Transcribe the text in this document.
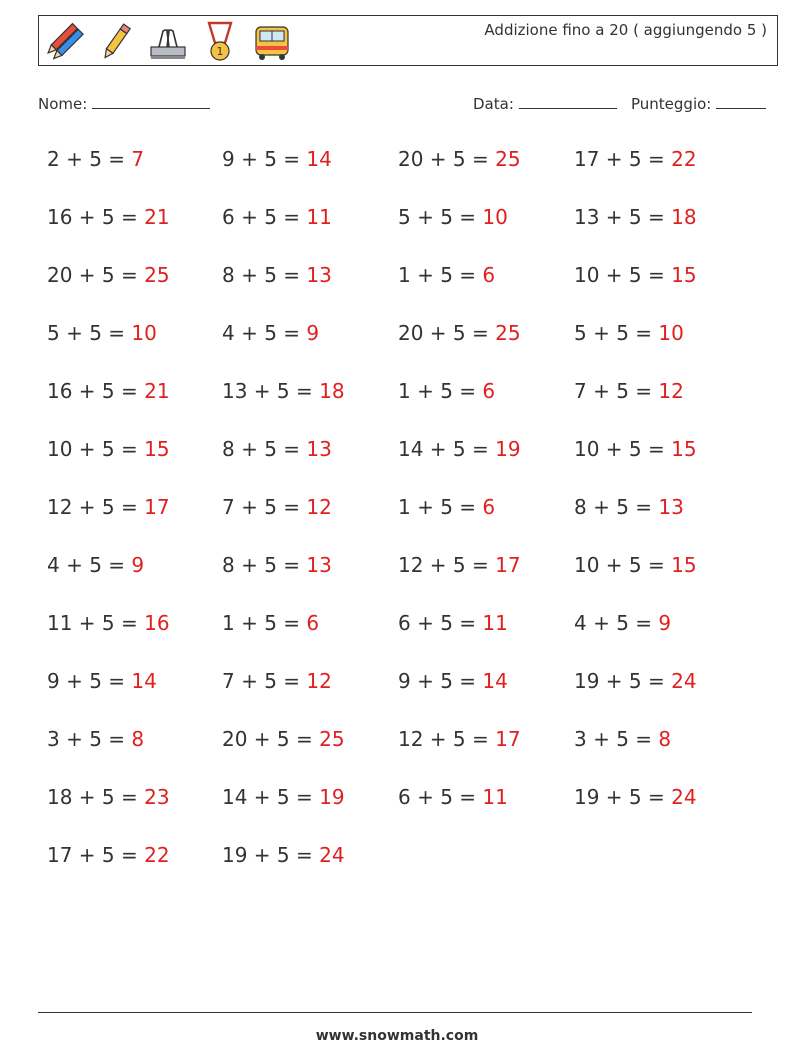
1
Addizione fino a 20 ( aggiungendo 5 )
Nome:	Data:	Punteggio:
2 + 5 = 7	9 + 5 = 14	20 + 5 = 25	17 + 5 = 22
16 + 5 = 21	6 + 5 = 11	5 + 5 = 10	13 + 5 = 18
20 + 5 = 25	8 + 5 = 13	1 + 5 = 6	10 + 5 = 15
5 + 5 = 10	4 + 5 = 9	20 + 5 = 25	5 + 5 = 10
16 + 5 = 21	13 + 5 = 18	1 + 5 = 6	7 + 5 = 12
10 + 5 = 15	8 + 5 = 13	14 + 5 = 19	10 + 5 = 15
12 + 5 = 17	7 + 5 = 12	1 + 5 = 6	8 + 5 = 13
4 + 5 = 9	8 + 5 = 13	12 + 5 = 17	10 + 5 = 15
11 + 5 = 16	1 + 5 = 6	6 + 5 = 11	4 + 5 = 9
9 + 5 = 14	7 + 5 = 12	9 + 5 = 14	19 + 5 = 24
3 + 5 = 8	20 + 5 = 25	12 + 5 = 17	3 + 5 = 8
18 + 5 = 23	14 + 5 = 19	6 + 5 = 11	19 + 5 = 24
17 + 5 = 22	19 + 5 = 24
www.snowmath.com
